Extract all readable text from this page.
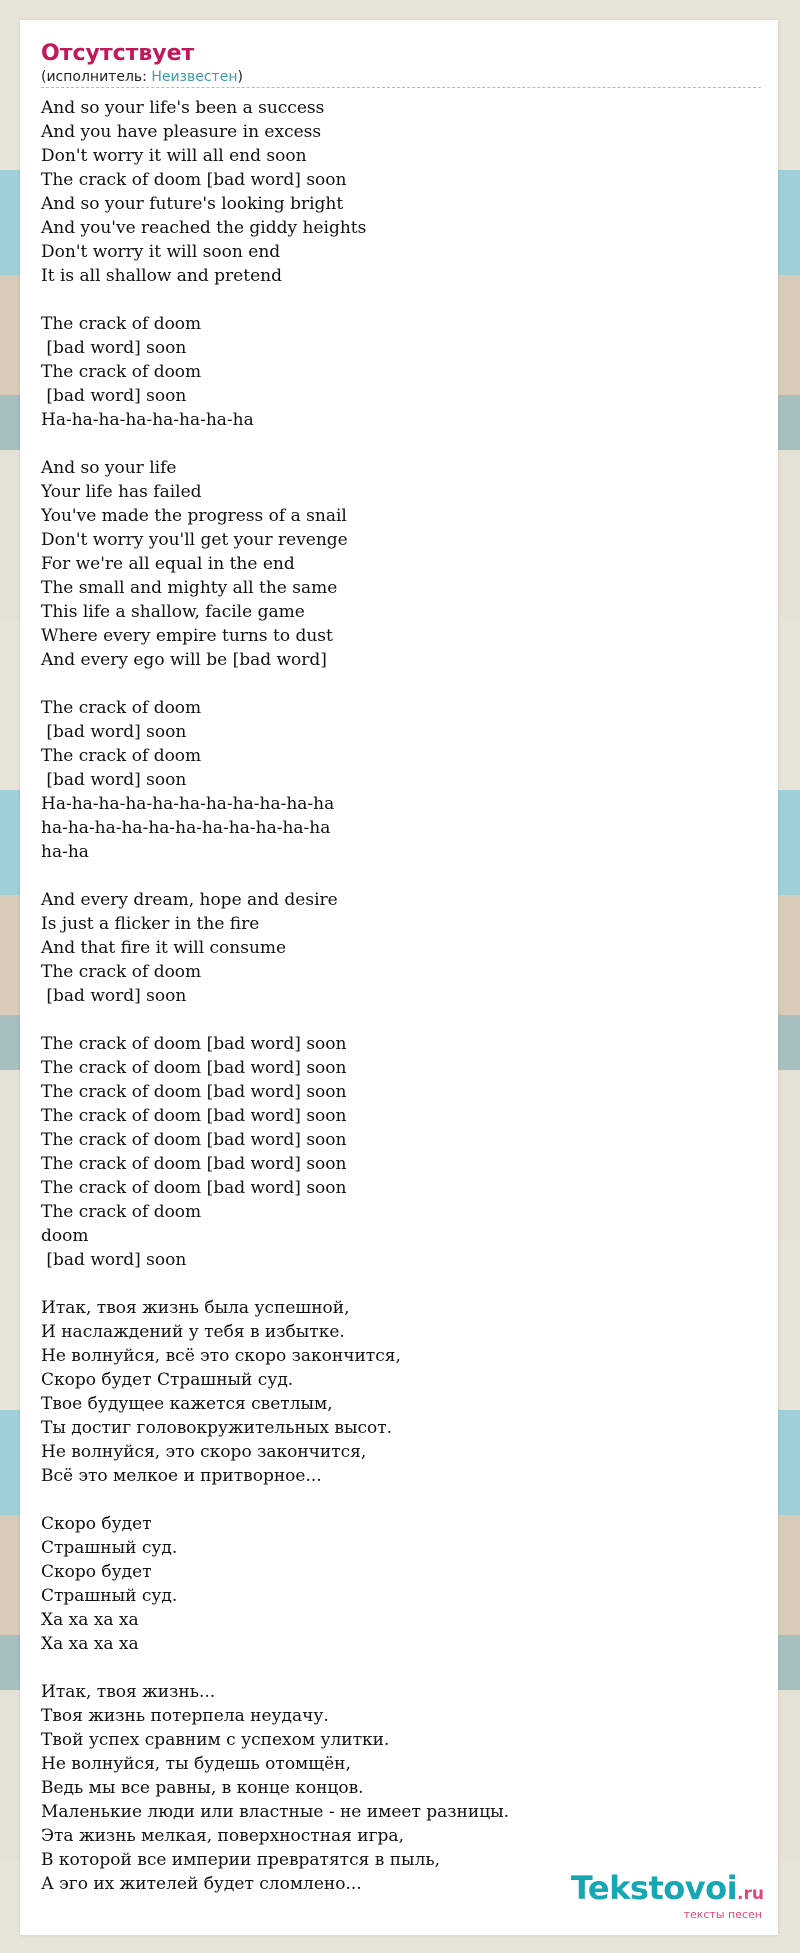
Отсутствует
(исполнитель: Неизвестен)
And so your life's been a success
And you have pleasure in excess
Don't worry it will all end soon
The crack of doom [bad word] soon
And so your future's looking bright
And you've reached the giddy heights
Don't worry it will soon end
It is all shallow and pretend

The crack of doom
[bad word] soon
The crack of doom
[bad word] soon
Ha-ha-ha-ha-ha-ha-ha-ha

And so your life
Your life has failed
You've made the progress of a snail
Don't worry you'll get your revenge
For we're all equal in the end
The small and mighty all the same
This life a shallow, facile game
Where every empire turns to dust
And every ego will be [bad word]

The crack of doom
[bad word] soon
The crack of doom
[bad word] soon
Ha-ha-ha-ha-ha-ha-ha-ha-ha-ha-ha
ha-ha-ha-ha-ha-ha-ha-ha-ha-ha-ha
ha-ha

And every dream, hope and desire
Is just a flicker in the fire
And that fire it will consume
The crack of doom
[bad word] soon

The crack of doom [bad word] soon
The crack of doom [bad word] soon
The crack of doom [bad word] soon
The crack of doom [bad word] soon
The crack of doom [bad word] soon
The crack of doom [bad word] soon
The crack of doom [bad word] soon
The crack of doom
doom
[bad word] soon

Итак, твоя жизнь была успешной,
И наслаждений у тебя в избытке.
Не волнуйся, всё это скоро закончится,
Скоро будет Страшный суд.
Твое будущее кажется светлым,
Ты достиг головокружительных высот.
Не волнуйся, это скоро закончится,
Всё это мелкое и притворное...

Скоро будет
Страшный суд.
Скоро будет
Страшный суд.
Ха ха ха ха
Ха ха ха ха

Итак, твоя жизнь...
Твоя жизнь потерпела неудачу.
Твой успех сравним с успехом улитки.
Не волнуйся, ты будешь отомщён,
Ведь мы все равны, в конце концов.
Маленькие люди или властные - не имеет разницы.
Эта жизнь мелкая, поверхностная игра,
В которой все империи превратятся в пыль,
А эго их жителей будет сломлено...	Tekstovoi.ru
тексты песен
